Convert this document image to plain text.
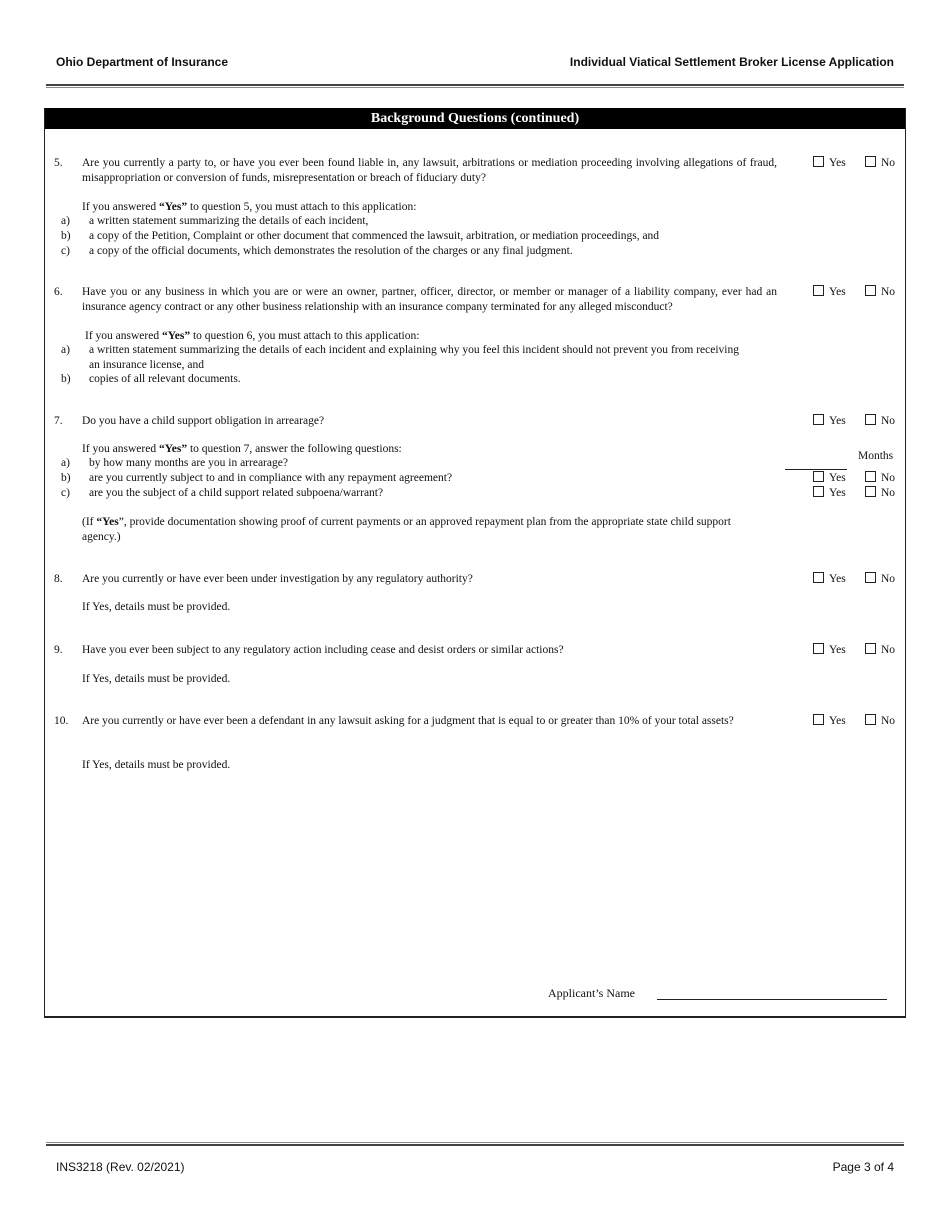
Ohio Department of Insurance	Individual Viatical Settlement Broker License Application
Background Questions (continued)
5. Are you currently a party to, or have you ever been found liable in, any lawsuit, arbitrations or mediation proceeding involving allegations of fraud, misappropriation or conversion of funds, misrepresentation or breach of fiduciary duty?
Yes	No
If you answered “Yes” to question 5, you must attach to this application:
a) a written statement summarizing the details of each incident,
b) a copy of the Petition, Complaint or other document that commenced the lawsuit, arbitration, or mediation proceedings, and
c) a copy of the official documents, which demonstrates the resolution of the charges or any final judgment.
6. Have you or any business in which you are or were an owner, partner, officer, director, or member or manager of a liability company, ever had an insurance agency contract or any other business relationship with an insurance company terminated for any alleged misconduct?
Yes	No
If you answered “Yes” to question 6, you must attach to this application:
a) a written statement summarizing the details of each incident and explaining why you feel this incident should not prevent you from receiving an insurance license, and
b) copies of all relevant documents.
7. Do you have a child support obligation in arrearage?	Yes	No
If you answered “Yes” to question 7, answer the following questions:
a) by how many months are you in arrearage?
Months
b) are you currently subject to and in compliance with any repayment agreement?	Yes	No
c) are you the subject of a child support related subpoena/warrant?	Yes	No
(If “Yes”, provide documentation showing proof of current payments or an approved repayment plan from the appropriate state child support agency.)
8. Are you currently or have ever been under investigation by any regulatory authority?	Yes	No
If Yes, details must be provided.
9. Have you ever been subject to any regulatory action including cease and desist orders or similar actions?	Yes	No
If Yes, details must be provided.
10. Are you currently or have ever been a defendant in any lawsuit asking for a judgment that is equal to or greater than 10% of your total assets?	Yes	No
If Yes, details must be provided.
Applicant’s Name
INS3218 (Rev. 02/2021)	Page 3 of 4
